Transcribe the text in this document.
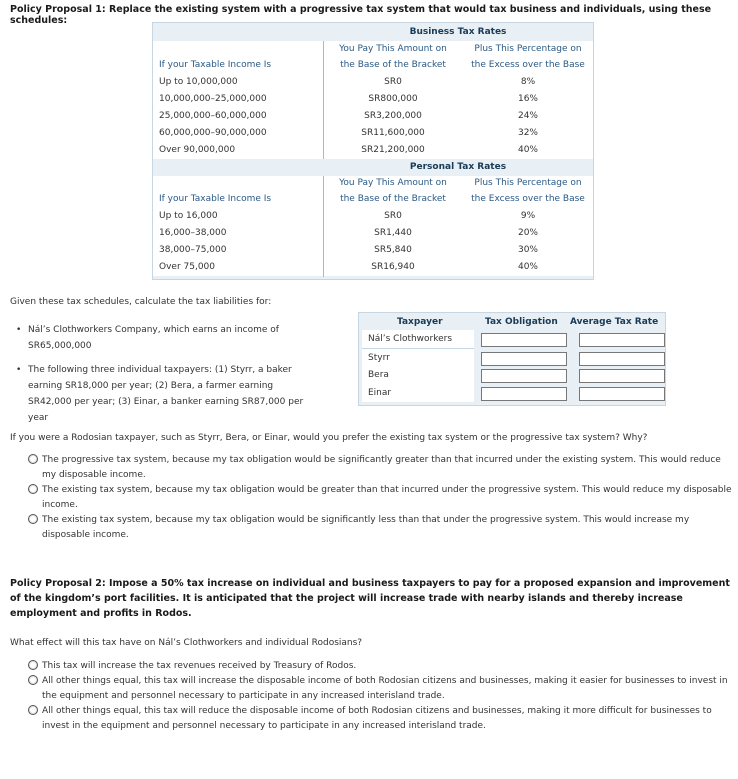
Policy Proposal 1: Replace the existing system with a progressive tax system that would tax business and individuals, using these schedules:
Business Tax Rates
If your Taxable Income Is
You Pay This Amount on
the Base of the Bracket
Plus This Percentage on
the Excess over the Base
Up to 10,000,000	SR0	8%
10,000,000–25,000,000	SR800,000	16%
25,000,000–60,000,000	SR3,200,000	24%
60,000,000–90,000,000	SR11,600,000	32%
Over 90,000,000	SR21,200,000	40%
Personal Tax Rates
If your Taxable Income Is
You Pay This Amount on
the Base of the Bracket
Plus This Percentage on
the Excess over the Base
Up to 16,000	SR0	9%
16,000–38,000	SR1,440	20%
38,000–75,000	SR5,840	30%
Over 75,000	SR16,940	40%
Given these tax schedules, calculate the tax liabilities for:
• Nál’s Clothworkers Company, which earns an income of SR65,000,000
• The following three individual taxpayers: (1) Styrr, a baker earning SR18,000 per year; (2) Bera, a farmer earning SR42,000 per year; (3) Einar, a banker earning SR87,000 per year
Taxpayer	Tax Obligation Average Tax Rate
Nál’s Clothworkers
Styrr
Bera
Einar
If you were a Rodosian taxpayer, such as Styrr, Bera, or Einar, would you prefer the existing tax system or the progressive tax system? Why?
The progressive tax system, because my tax obligation would be significantly greater than that incurred under the existing system. This would reduce my disposable income.
The existing tax system, because my tax obligation would be greater than that incurred under the progressive system. This would reduce my disposable income.
The existing tax system, because my tax obligation would be significantly less than that under the progressive system. This would increase my disposable income.
Policy Proposal 2: Impose a 50% tax increase on individual and business taxpayers to pay for a proposed expansion and improvement of the kingdom’s port facilities. It is anticipated that the project will increase trade with nearby islands and thereby increase employment and profits in Rodos.
What effect will this tax have on Nál’s Clothworkers and individual Rodosians?
This tax will increase the tax revenues received by Treasury of Rodos.
All other things equal, this tax will increase the disposable income of both Rodosian citizens and businesses, making it easier for businesses to invest in the equipment and personnel necessary to participate in any increased interisland trade.
All other things equal, this tax will reduce the disposable income of both Rodosian citizens and businesses, making it more difficult for businesses to invest in the equipment and personnel necessary to participate in any increased interisland trade.
